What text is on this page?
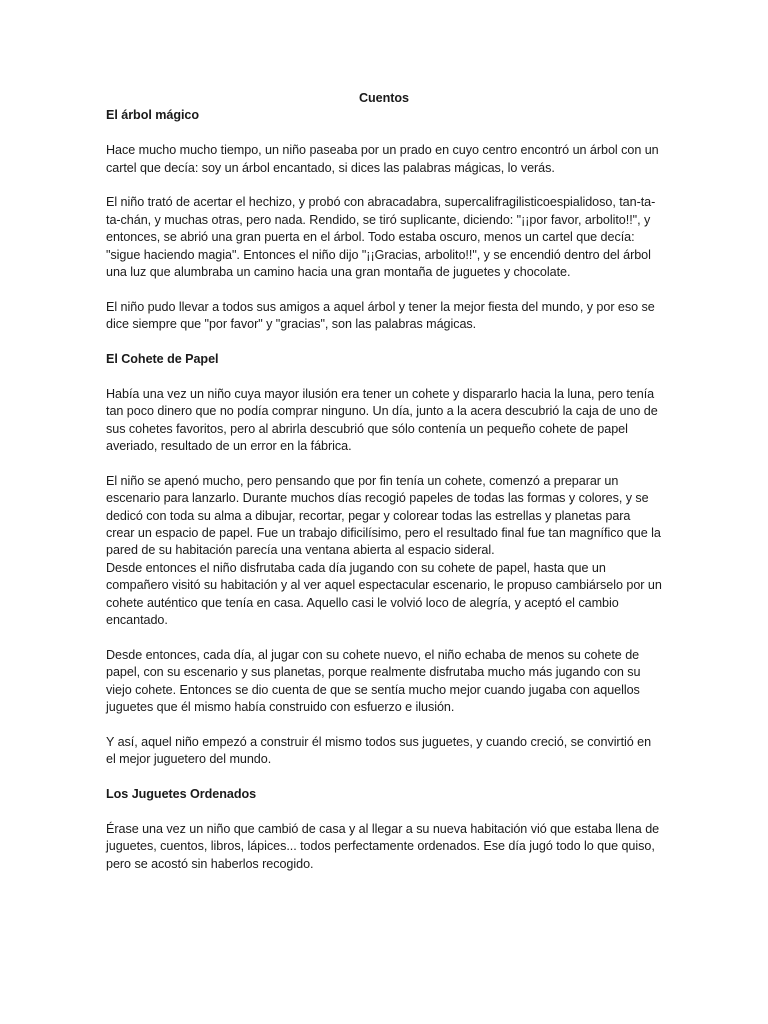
Cuentos
El árbol mágico

Hace mucho mucho tiempo, un niño paseaba por un prado en cuyo centro encontró un árbol con un cartel que decía: soy un árbol encantado, si dices las palabras mágicas, lo verás.

El niño trató de acertar el hechizo, y probó con abracadabra, supercalifragilisticoespialidoso, tan-ta-ta-chán, y muchas otras, pero nada. Rendido, se tiró suplicante, diciendo: "¡¡por favor, arbolito!!", y entonces, se abrió una gran puerta en el árbol. Todo estaba oscuro, menos un cartel que decía: "sigue haciendo magia". Entonces el niño dijo "¡¡Gracias, arbolito!!", y se encendió dentro del árbol una luz que alumbraba un camino hacia una gran montaña de juguetes y chocolate.

El niño pudo llevar a todos sus amigos a aquel árbol y tener la mejor fiesta del mundo, y por eso se dice siempre que "por favor" y "gracias", son las palabras mágicas.

El Cohete de Papel

Había una vez un niño cuya mayor ilusión era tener un cohete y dispararlo hacia la luna, pero tenía tan poco dinero que no podía comprar ninguno. Un día, junto a la acera descubrió la caja de uno de sus cohetes favoritos, pero al abrirla descubrió que sólo contenía un pequeño cohete de papel averiado, resultado de un error en la fábrica.

El niño se apenó mucho, pero pensando que por fin tenía un cohete, comenzó a preparar un escenario para lanzarlo. Durante muchos días recogió papeles de todas las formas y colores, y se dedicó con toda su alma a dibujar, recortar, pegar y colorear todas las estrellas y planetas para crear un espacio de papel. Fue un trabajo dificilísimo, pero el resultado final fue tan magnífico que la pared de su habitación parecía una ventana abierta al espacio sideral.

Desde entonces el niño disfrutaba cada día jugando con su cohete de papel, hasta que un compañero visitó su habitación y al ver aquel espectacular escenario, le propuso cambiárselo por un cohete auténtico que tenía en casa. Aquello casi le volvió loco de alegría, y aceptó el cambio encantado.

Desde entonces, cada día, al jugar con su cohete nuevo, el niño echaba de menos su cohete de papel, con su escenario y sus planetas, porque realmente disfrutaba mucho más jugando con su viejo cohete. Entonces se dio cuenta de que se sentía mucho mejor cuando jugaba con aquellos juguetes que él mismo había construido con esfuerzo e ilusión.

Y así, aquel niño empezó a construir él mismo todos sus juguetes, y cuando creció, se convirtió en el mejor juguetero del mundo.

Los Juguetes Ordenados

Érase una vez un niño que cambió de casa y al llegar a su nueva habitación vió que estaba llena de juguetes, cuentos, libros, lápices... todos perfectamente ordenados. Ese día jugó todo lo que quiso, pero se acostó sin haberlos recogido.
